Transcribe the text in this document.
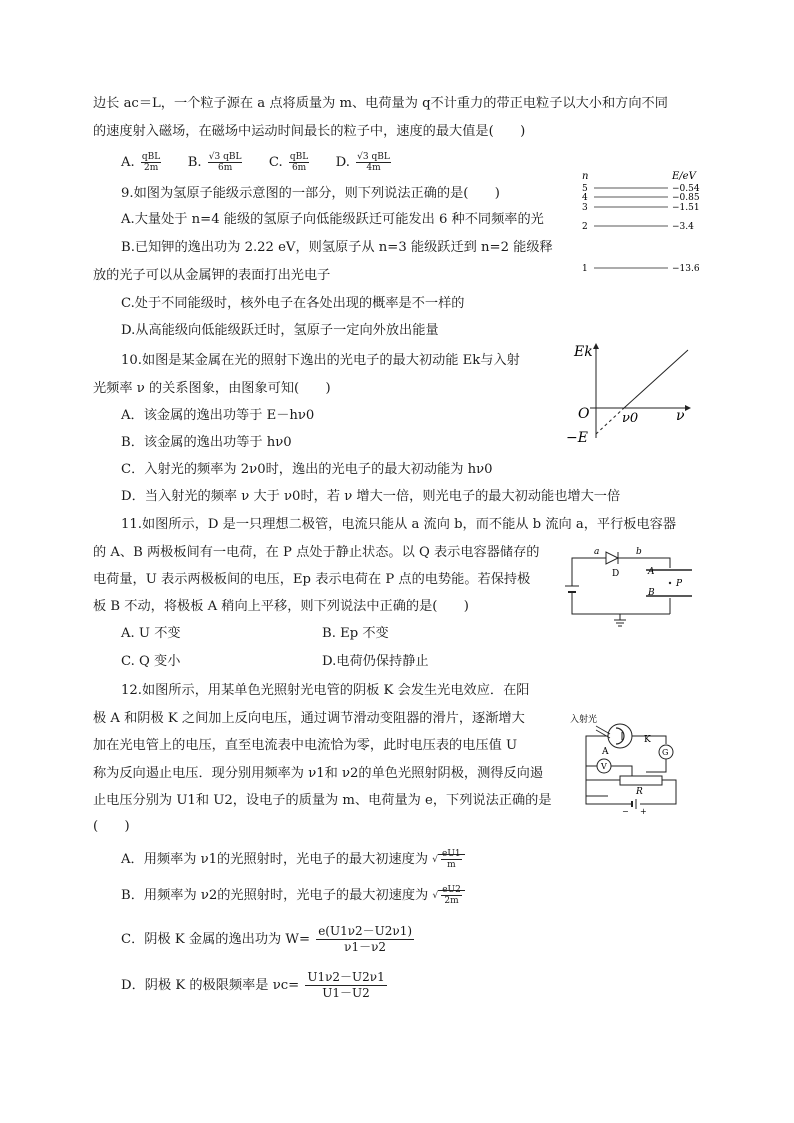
边长 ac＝L，一个粒子源在 a 点将质量为 m、电荷量为 q不计重力的带正电粒子以大小和方向不同
的速度射入磁场，在磁场中运动时间最长的粒子中，速度的最大值是(　　)
A. $\frac{\text{qBL}}{2m} B$. $\frac{\text{√3 qBL}}{6m} C$. $\frac{\text{qBL}}{6m} D$. $\frac{\text{√3 qBL}}{4m}$
9.如图为氢原子能级示意图的一部分，则下列说法正确的是(　　)
A.大量处于 n=4 能级的氢原子向低能级跃迁可能发出 6 种不同频率的光
B.已知钾的逸出功为 2.22 eV，则氢原子从 n=3 能级跃迁到 n=2 能级释
放的光子可以从金属钾的表面打出光电子
C.处于不同能级时，核外电子在各处出现的概率是不一样的
D.从高能级向低能级跃迁时，氢原子一定向外放出能量
n	E/eV
5	−0.54
4	−0.85
3	−1.51
2	−3.4
1	−13.6
10.如图是某金属在光的照射下逸出的光电子的最大初动能 Ek与入射
光频率 ν 的关系图象，由图象可知(　　)
A．该金属的逸出功等于 E－hν0
B．该金属的逸出功等于 hν0
C．入射光的频率为 2ν0时，逸出的光电子的最大初动能为 hν0
D．当入射光的频率 ν 大于 ν0时，若 ν 增大一倍，则光电子的最大初动能也增大一倍
Ek
ν
O	ν0
−E
11.如图所示，D 是一只理想二极管，电流只能从 a 流向 b，而不能从 b 流向 a，平行板电容器
的 A、B 两极板间有一电荷，在 P 点处于静止状态。以 Q 表示电容器储存的
电荷量，U 表示两极板间的电压，Ep 表示电荷在 P 点的电势能。若保持极
板 B 不动，将极板 A 稍向上平移，则下列说法中正确的是(　　)
A. U 不变	B. Ep 不变
C. Q 变小	D.电荷仍保持静止
a	b
D	A
B
P
12.如图所示，用某单色光照射光电管的阴板 K 会发生光电效应．在阳
极 A 和阴极 K 之间加上反向电压，通过调节滑动变阻器的滑片，逐渐增大
加在光电管上的电压，直至电流表中电流恰为零，此时电压表的电压值 U
称为反向遏止电压．现分别用频率为 ν1和 ν2的单色光照射阴极，测得反向遏
止电压分别为 U1和 U2，设电子的质量为 m、电荷量为 e，下列说法正确的是
(　　)
A．用频率为 ν1的光照射时，光电子的最大初速度为 √ $\frac{eU1}{m}$
B．用频率为 ν2的光照射时，光电子的最大初速度为 √ $\frac{eU2}{2m}$
C．阴极 K 金属的逸出功为 $W= \frac{e(U1\nu 2-U2\nu 1)}{\nu 1-\nu 2}$
D．阴极 K 的极限频率是 $\nu c= \frac{U1\nu 2-U2\nu 1}{U1-U2}$
入射光
A
K
G
V
R
− +
